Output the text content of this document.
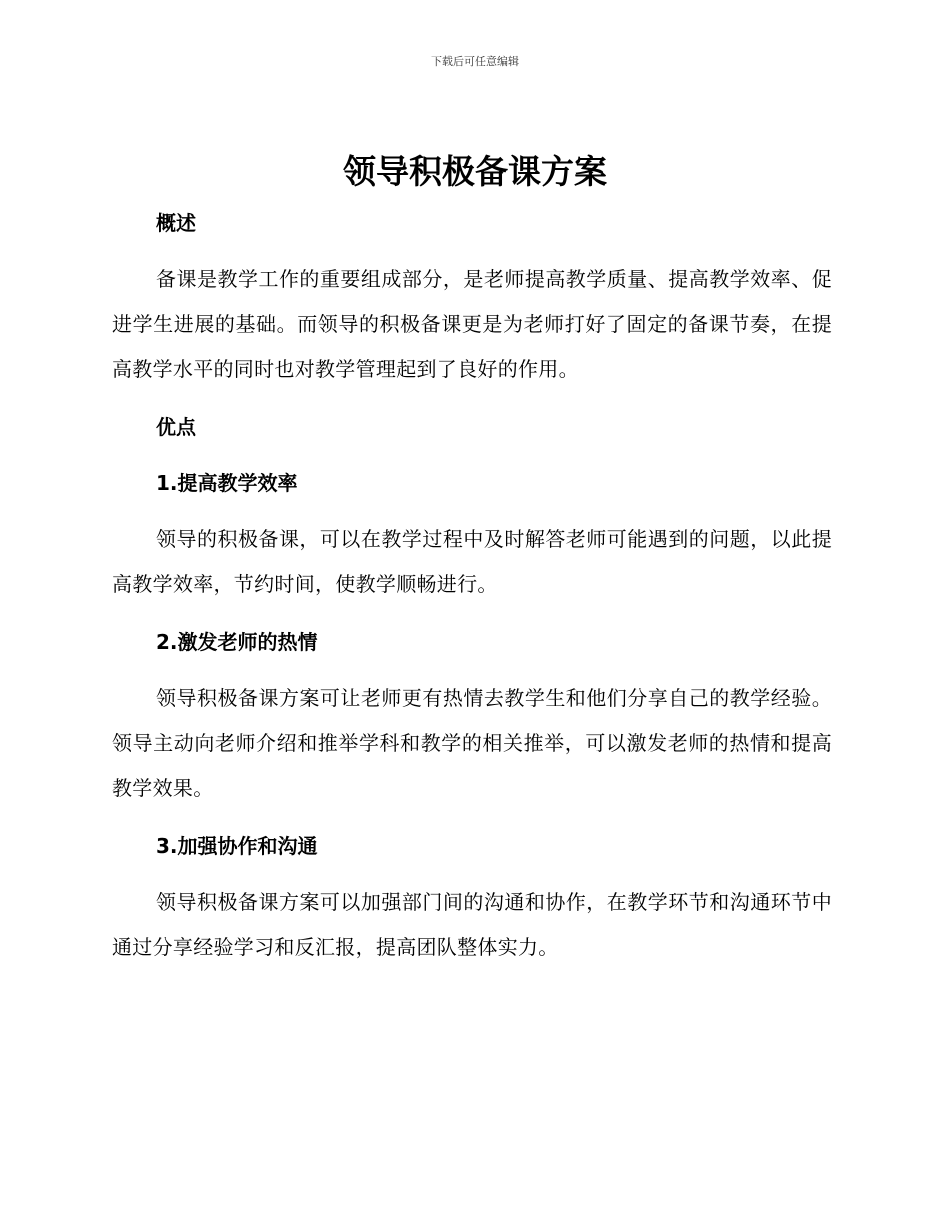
下载后可任意编辑
领导积极备课方案
概述

备课是教学工作的重要组成部分，是老师提高教学质量、提高教学效率、促进学生进展的基础。而领导的积极备课更是为老师打好了固定的备课节奏，在提高教学水平的同时也对教学管理起到了良好的作用。

优点
1.提高教学效率

领导的积极备课，可以在教学过程中及时解答老师可能遇到的问题，以此提高教学效率，节约时间，使教学顺畅进行。

2.激发老师的热情

领导积极备课方案可让老师更有热情去教学生和他们分享自己的教学经验。领导主动向老师介绍和推举学科和教学的相关推举，可以激发老师的热情和提高教学效果。

3.加强协作和沟通

领导积极备课方案可以加强部门间的沟通和协作，在教学环节和沟通环节中通过分享经验学习和反汇报，提高团队整体实力。
